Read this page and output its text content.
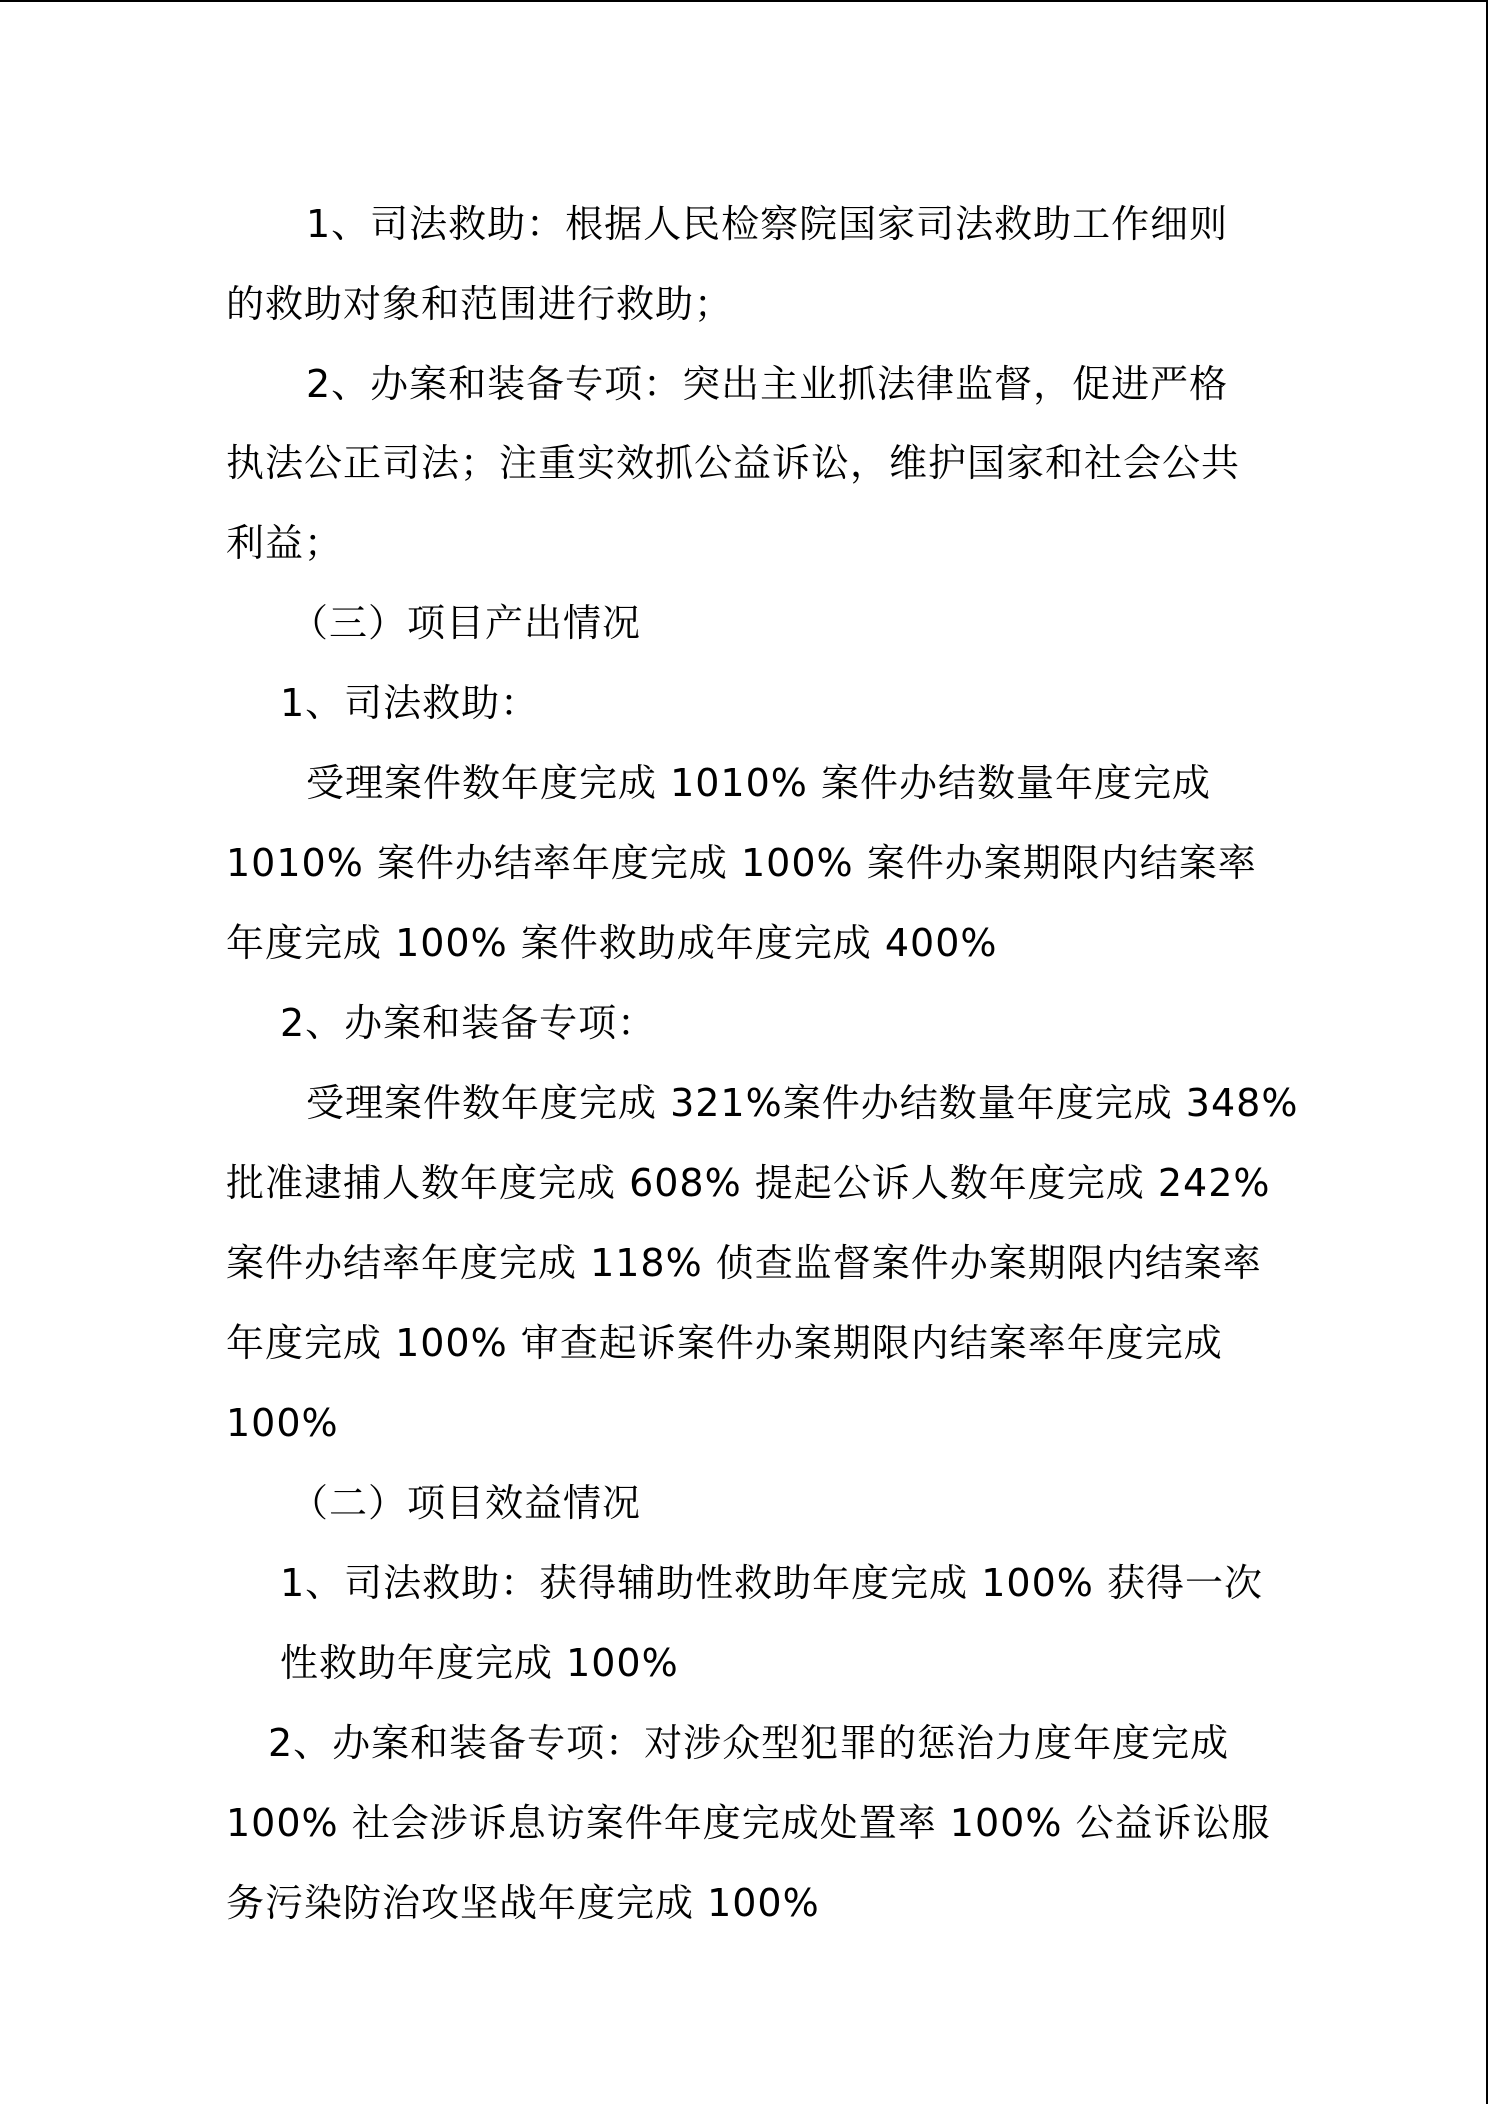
1、司法救助：根据人民检察院国家司法救助工作细则
的救助对象和范围进行救助；
2、办案和装备专项：突出主业抓法律监督，促进严格
执法公正司法；注重实效抓公益诉讼，维护国家和社会公共
利益；
（三）项目产出情况
1、司法救助：
受理案件数年度完成 1010% 案件办结数量年度完成
1010% 案件办结率年度完成 100% 案件办案期限内结案率
年度完成 100% 案件救助成年度完成 400%
2、办案和装备专项：
受理案件数年度完成 321%案件办结数量年度完成 348%
批准逮捕人数年度完成 608% 提起公诉人数年度完成 242%
案件办结率年度完成 118% 侦查监督案件办案期限内结案率
年度完成 100% 审查起诉案件办案期限内结案率年度完成
100%
（二）项目效益情况
1、司法救助：获得辅助性救助年度完成 100% 获得一次
性救助年度完成 100%
2、办案和装备专项：对涉众型犯罪的惩治力度年度完成
100% 社会涉诉息访案件年度完成处置率 100% 公益诉讼服
务污染防治攻坚战年度完成 100%
